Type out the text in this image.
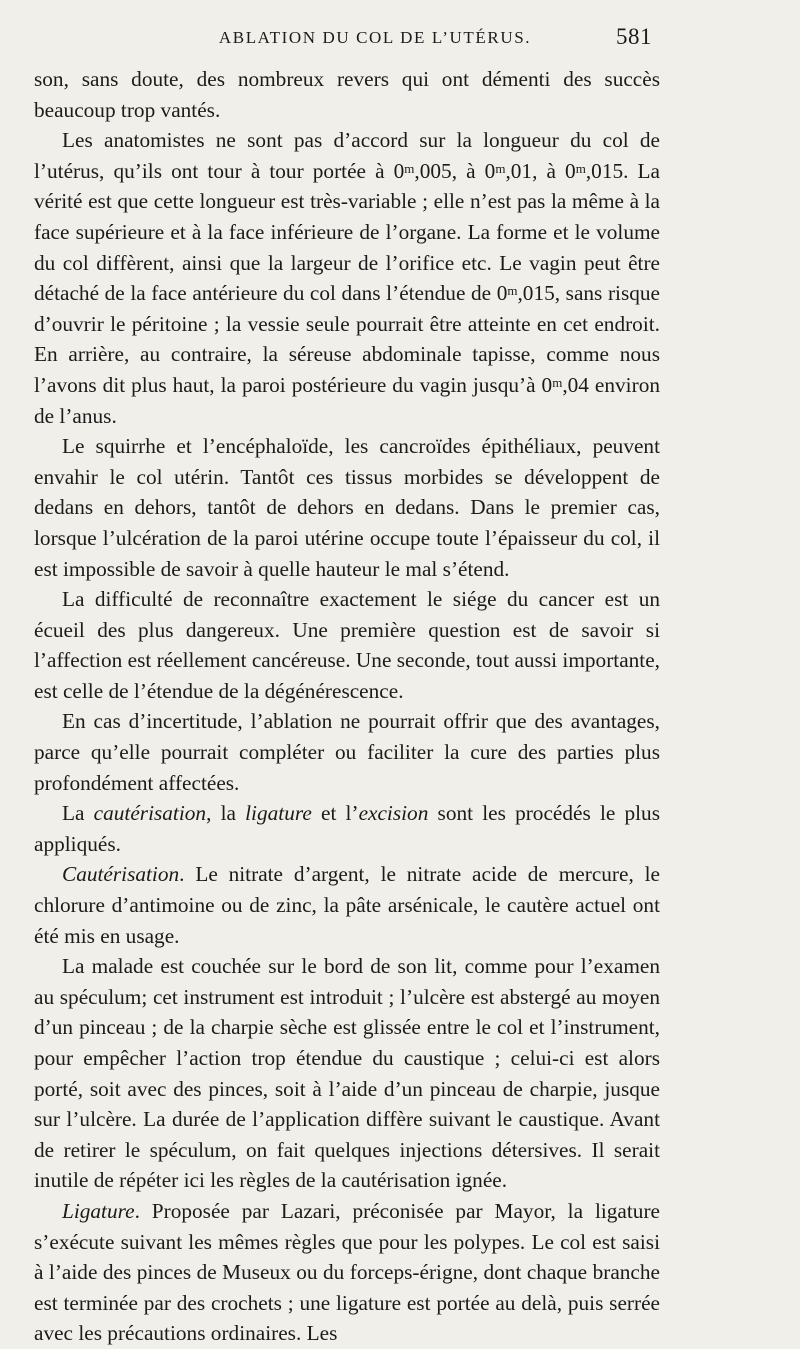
ABLATION DU COL DE L’UTÉRUS.	581

son, sans doute, des nombreux revers qui ont démenti des succès beaucoup trop vantés.

Les anatomistes ne sont pas d’accord sur la longueur du col de l’utérus, qu’ils ont tour à tour portée à 0$^m$,005, à 0$^m$,01, à 0$^m$,015. La vérité est que cette longueur est très-variable ; elle n’est pas la même à la face supérieure et à la face inférieure de l’organe. La forme et le volume du col diffèrent, ainsi que la largeur de l’orifice etc. Le vagin peut être détaché de la face antérieure du col dans l’étendue de 0$^m$,015, sans risque d’ouvrir le péritoine ; la vessie seule pourrait être atteinte en cet endroit. En arrière, au contraire, la séreuse abdominale tapisse, comme nous l’avons dit plus haut, la paroi postérieure du vagin jusqu’à 0$^m$,04 environ de l’anus.

Le squirrhe et l’encéphaloïde, les cancroïdes épithéliaux, peuvent envahir le col utérin. Tantôt ces tissus morbides se développent de dedans en dehors, tantôt de dehors en dedans. Dans le premier cas, lorsque l’ulcération de la paroi utérine occupe toute l’épaisseur du col, il est impossible de savoir à quelle hauteur le mal s’étend.

La difficulté de reconnaître exactement le siége du cancer est un écueil des plus dangereux. Une première question est de savoir si l’affection est réellement cancéreuse. Une seconde, tout aussi importante, est celle de l’étendue de la dégénérescence.

En cas d’incertitude, l’ablation ne pourrait offrir que des avantages, parce qu’elle pourrait compléter ou faciliter la cure des parties plus profondément affectées.

La cautérisation, la ligature et l’excision sont les procédés le plus appliqués.

Cautérisation. Le nitrate d’argent, le nitrate acide de mercure, le chlorure d’antimoine ou de zinc, la pâte arsénicale, le cautère actuel ont été mis en usage.

La malade est couchée sur le bord de son lit, comme pour l’examen au spéculum; cet instrument est introduit ; l’ulcère est abstergé au moyen d’un pinceau ; de la charpie sèche est glissée entre le col et l’instrument, pour empêcher l’action trop étendue du caustique ; celui-ci est alors porté, soit avec des pinces, soit à l’aide d’un pinceau de charpie, jusque sur l’ulcère. La durée de l’application diffère suivant le caustique. Avant de retirer le spéculum, on fait quelques injections détersives. Il serait inutile de répéter ici les règles de la cautérisation ignée.

Ligature. Proposée par Lazari, préconisée par Mayor, la ligature s’exécute suivant les mêmes règles que pour les polypes. Le col est saisi à l’aide des pinces de Museux ou du forceps-érigne, dont chaque branche est terminée par des crochets ; une ligature est portée au delà, puis serrée avec les précautions ordinaires. Les
